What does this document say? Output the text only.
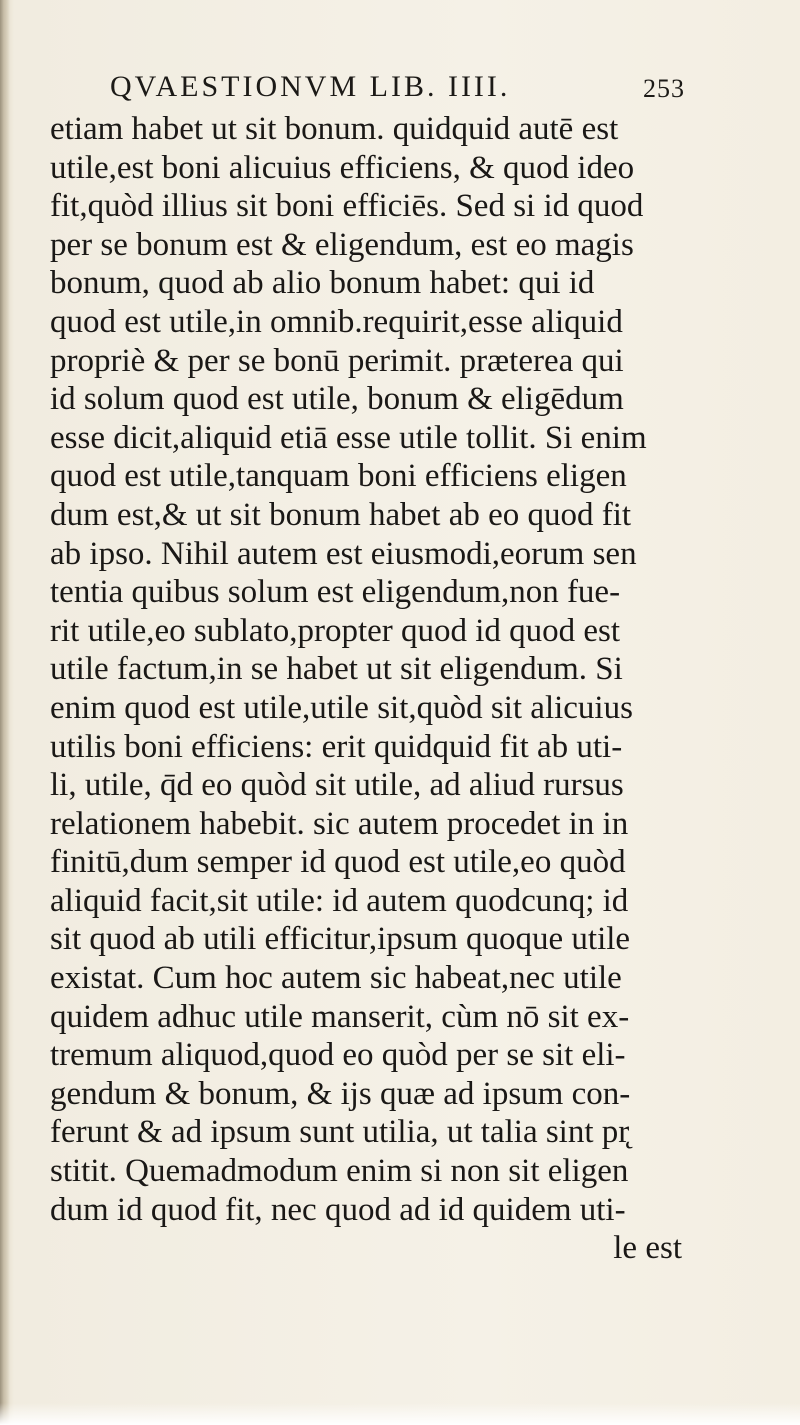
QVAESTIONVM LIB. IIII.	253
etiam habet ut sit bonum. quidquid autē est
utile,est boni alicuius efficiens, & quod ideo
fit,quòd illius sit boni efficiēs. Sed si id quod
per se bonum est & eligendum, est eo magis
bonum, quod ab alio bonum habet: qui id
quod est utile,in omnib.requirit,esse aliquid
propriè & per se bonū perimit. præterea qui
id solum quod est utile, bonum & eligēdum
esse dicit,aliquid etiā esse utile tollit. Si enim
quod est utile,tanquam boni efficiens eligen
dum est,& ut sit bonum habet ab eo quod fit
ab ipso. Nihil autem est eiusmodi,eorum sen
tentia quibus solum est eligendum,non fue-
rit utile,eo sublato,propter quod id quod est
utile factum,in se habet ut sit eligendum. Si
enim quod est utile,utile sit,quòd sit alicuius
utilis boni efficiens: erit quidquid fit ab uti-
li, utile, q̄d eo quòd sit utile, ad aliud rursus
relationem habebit. sic autem procedet in in
finitū,dum semper id quod est utile,eo quòd
aliquid facit,sit utile: id autem quodcunq; id
sit quod ab utili efficitur,ipsum quoque utile
existat. Cum hoc autem sic habeat,nec utile
quidem adhuc utile manserit, cùm nō sit ex-
tremum aliquod,quod eo quòd per se sit eli-
gendum & bonum, & ijs quæ ad ipsum con-
ferunt & ad ipsum sunt utilia, ut talia sint pr̨
stitit. Quemadmodum enim si non sit eligen
dum id quod fit, nec quod ad id quidem uti-
le est
